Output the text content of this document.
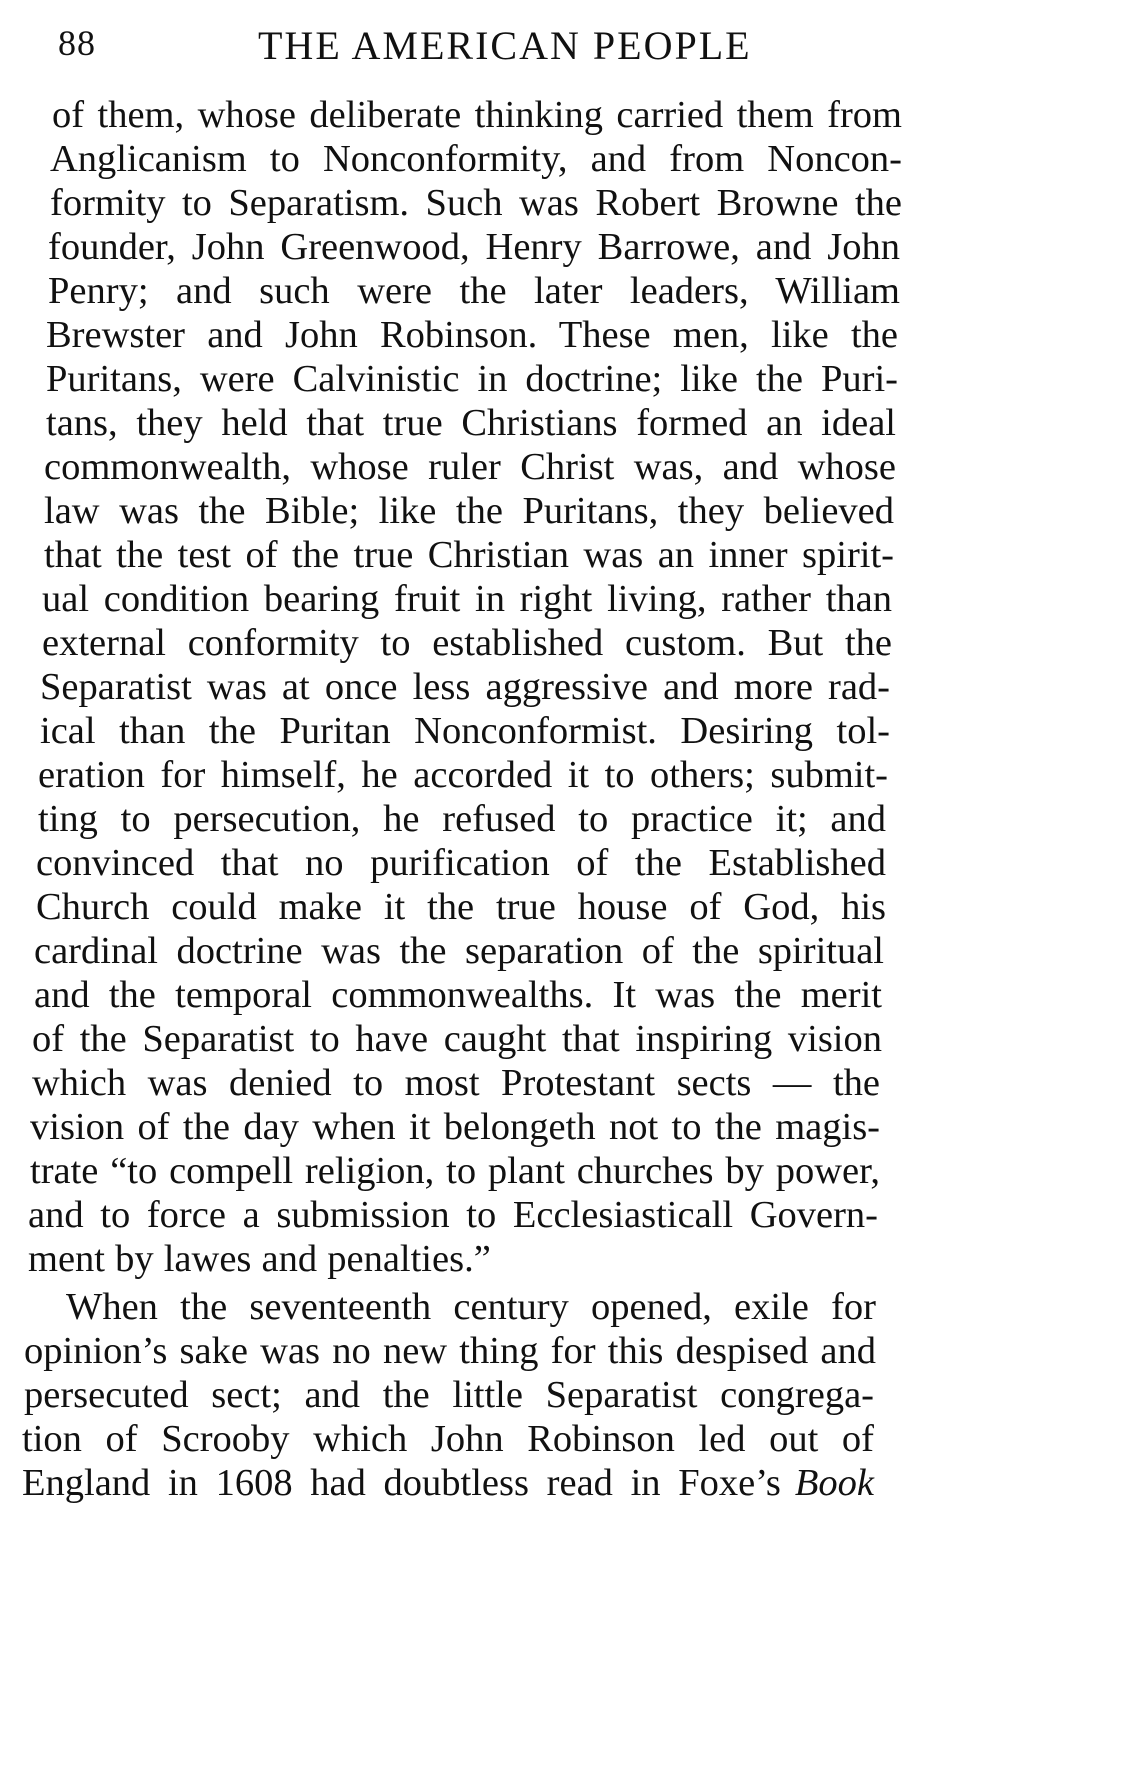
88	THE AMERICAN PEOPLE

of them, whose deliberate thinking carried them from

Anglicanism to Nonconformity, and from Noncon-

formity to Separatism. Such was Robert Browne the

founder, John Greenwood, Henry Barrowe, and John

Penry; and such were the later leaders, William

Brewster and John Robinson. These men, like the

Puritans, were Calvinistic in doctrine; like the Puri-

tans, they held that true Christians formed an ideal

commonwealth, whose ruler Christ was, and whose

law was the Bible; like the Puritans, they believed

that the test of the true Christian was an inner spirit-

ual condition bearing fruit in right living, rather than

external conformity to established custom. But the

Separatist was at once less aggressive and more rad-

ical than the Puritan Nonconformist. Desiring tol-

eration for himself, he accorded it to others; submit-

ting to persecution, he refused to practice it; and

convinced that no purification of the Established

Church could make it the true house of God, his

cardinal doctrine was the separation of the spiritual

and the temporal commonwealths. It was the merit

of the Separatist to have caught that inspiring vision

which was denied to most Protestant sects — the

vision of the day when it belongeth not to the magis-

trate “to compell religion, to plant churches by power,

and to force a submission to Ecclesiasticall Govern-

ment by lawes and penalties.”

When the seventeenth century opened, exile for

opinion’s sake was no new thing for this despised and

persecuted sect; and the little Separatist congrega-

tion of Scrooby which John Robinson led out of

England in 1608 had doubtless read in Foxe’s Book
